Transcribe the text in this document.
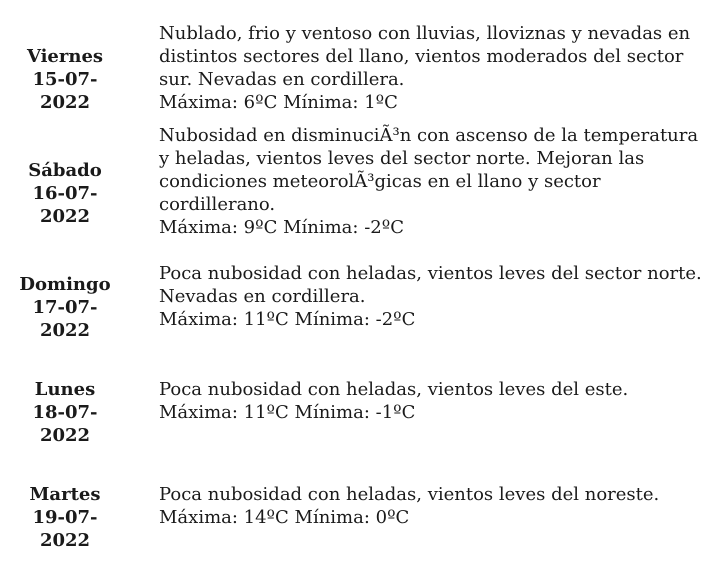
Viernes
15-07-2022

Nublado, frio y ventoso con lluvias, lloviznas y nevadas en distintos sectores del llano, vientos moderados del sector sur. Nevadas en cordillera.

Máxima: 6ºC Mínima: 1ºC

Sábado
16-07-2022

Nubosidad en disminuciÃ³n con ascenso de la temperatura y heladas, vientos leves del sector norte. Mejoran las condiciones meteorolÃ³gicas en el llano y sector cordillerano.

Máxima: 9ºC Mínima: -2ºC

Domingo
17-07-2022

Poca nubosidad con heladas, vientos leves del sector norte. Nevadas en cordillera.

Máxima: 11ºC Mínima: -2ºC

Lunes
18-07-2022

Poca nubosidad con heladas, vientos leves del este.

Máxima: 11ºC Mínima: -1ºC

Martes
19-07-2022

Poca nubosidad con heladas, vientos leves del noreste.

Máxima: 14ºC Mínima: 0ºC
